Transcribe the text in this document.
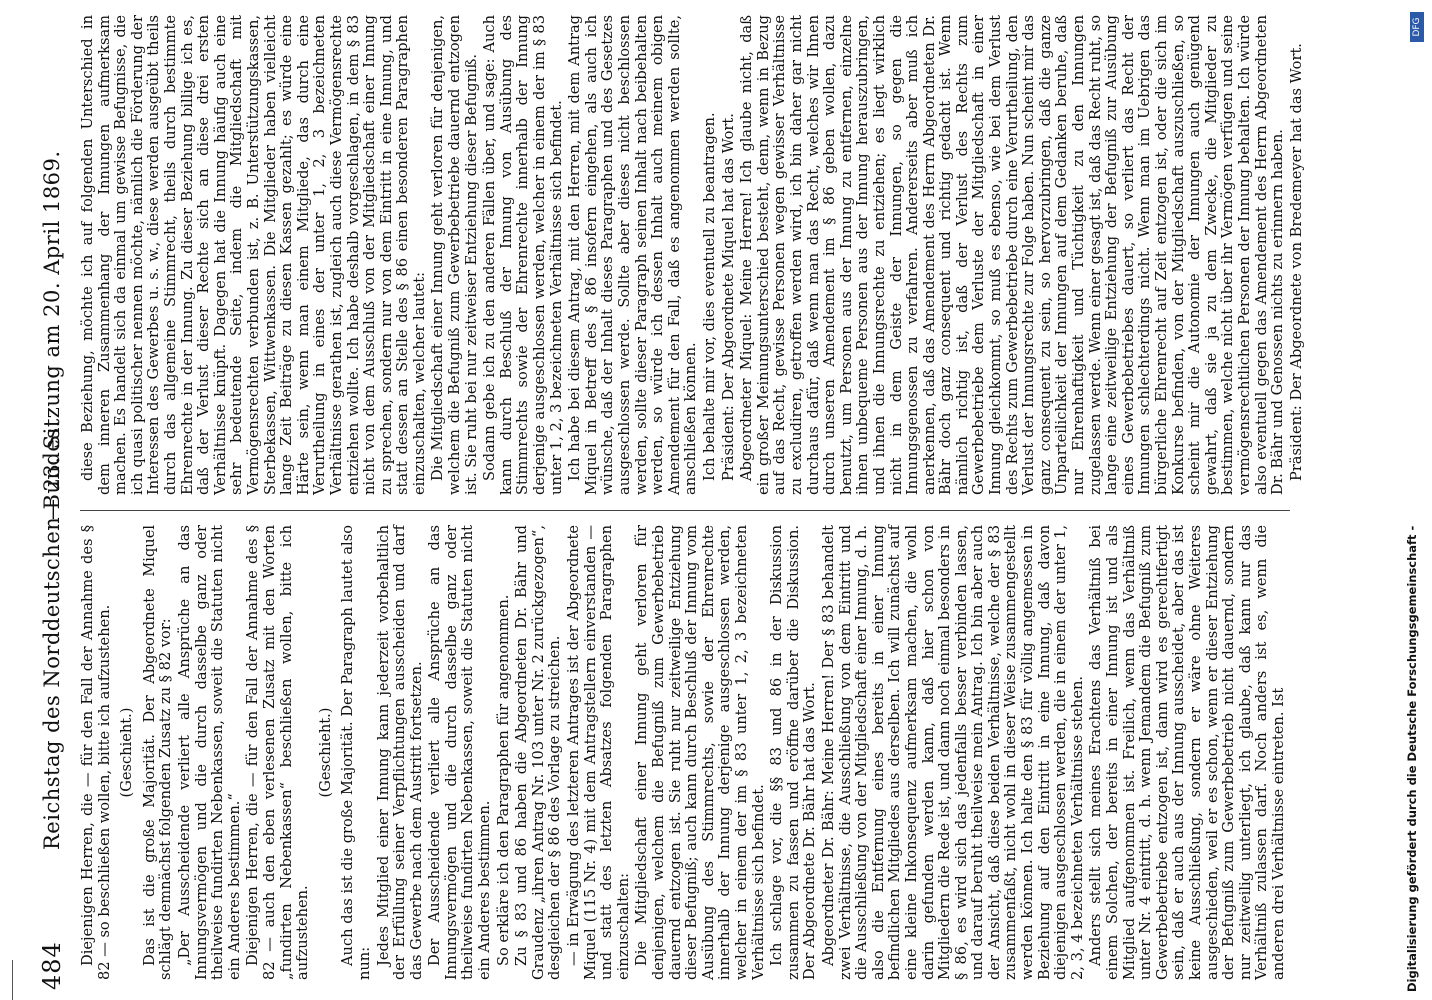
484
Reichstag des Norddeutschen Bundes.
— 23. Sitzung am 20. April 1869.

Diejenigen Herren, die — für den Fall der Annahme des § 82 — so beschließen wollen, bitte ich aufzustehen. (Geschieht.) Das ist die große Majorität. Der Abgeordnete Miquel schlägt demnächst folgenden Zusatz zu § 82 vor: „Der Ausscheidende verliert alle Ansprüche an das Innungsvermögen und die durch dasselbe ganz oder theilweise fundirten Nebenkassen, soweit die Statuten nicht ein Anderes bestimmen.“ Diejenigen Herren, die — für den Fall der Annahme des § 82 — auch den eben verlesenen Zusatz mit den Worten „fundirten Nebenkassen“ beschließen wollen, bitte ich aufzustehen.

(Geschieht.) Auch das ist die große Majorität. Der Paragraph lautet also nun: Jedes Mitglied einer Innung kann jederzeit vorbehaltlich der Erfüllung seiner Verpflichtungen ausscheiden und darf das Gewerbe nach dem Austritt fortsetzen. Der Ausscheidende verliert alle Ansprüche an das Innungsvermögen und die durch dasselbe ganz oder theilweise fundirten Nebenkassen, soweit die Statuten nicht ein Anderes bestimmen. So erkläre ich den Paragraphen für angenommen. Zu § 83 und 86 haben die Abgeordneten Dr. Bähr und Graudenz „ihren Antrag Nr. 103 unter Nr. 2 zurückgezogen“, desgleichen der § 86 des Vorlage zu streichen. — in Erwägung des letzteren Antrages ist der Abgeordnete Miquel (115 Nr. 4) mit dem Antragstellern einverstanden — und statt des letzten Absatzes folgenden Paragraphen einzuschalten: Die Mitgliedschaft einer Innung geht verloren für denjenigen, welchem die Befugniß zum Gewerbebetrieb dauernd entzogen ist. Sie ruht nur zeitweilige Entziehung dieser Befugniß; auch kann durch Beschluß der Innung vom Ausübung des Stimmrechts, sowie der Ehrenrechte innerhalb der Innung derjenige ausgeschlossen werden, welcher in einem der im § 83 unter 1, 2, 3 bezeichneten Verhältnisse sich befindet. Ich schlage vor, die §§ 83 und 86 in der Diskussion zusammen zu fassen und eröffne darüber die Diskussion. Der Abgeordnete Dr. Bähr hat das Wort. Abgeordneter Dr. Bähr: Meine Herren! Der § 83 behandelt zwei Verhältnisse, die Ausschließung von dem Eintritt und die Ausschließung von der Mitgliedschaft einer Innung, d. h. also die Entfernung eines bereits in einer Innung befindlichen Mitgliedes aus derselben. Ich will zunächst auf eine kleine Inkonsequenz aufmerksam machen, die wohl darin gefunden werden kann, daß hier schon von Mitgliedern die Rede ist, und dann noch einmal besonders in § 86, es wird sich das jedenfalls besser verbinden lassen, und darauf beruht theilweise mein Antrag. Ich bin aber auch der Ansicht, daß diese beiden Verhältnisse, welche der § 83 zusammenfaßt, nicht wohl in dieser Weise zusammengestellt werden können. Ich halte den § 83 für völlig angemessen in Beziehung auf den Eintritt in eine Innung, daß davon diejenigen ausgeschlossen werden, die in einem der unter 1, 2, 3, 4 bezeichneten Verhältnisse stehen. Anders stellt sich meines Erachtens das Verhältniß bei einem Solchen, der bereits in einer Innung ist und als Mitglied aufgenommen ist. Freilich, wenn das Verhältniß unter Nr. 4 eintritt, d. h. wenn Jemandem die Befugniß zum Gewerbebetriebe entzogen ist, dann wird es gerechtfertigt sein, daß er auch aus der Innung ausscheidet, aber das ist keine Ausschließung, sondern er wäre ohne Weiteres ausgeschieden, weil er es schon, wenn er dieser Entziehung der Befugniß zum Gewerbebetrieb nicht dauernd, sondern nur zeitweilig unterliegt, ich glaube, daß kann nur das Verhältniß zulassen darf. Noch anders ist es, wenn die anderen drei Verhältnisse eintreten. Ist

diese Beziehung, möchte ich auf folgenden Unterschied in dem inneren Zusammenhang der Innungen aufmerksam machen. Es handelt sich da einmal um gewisse Befugnisse, die ich quasi politischer nennen möchte, nämlich die Förderung der Interessen des Gewerbes u. s. w., diese werden ausgeübt theils durch das allgemeine Stimmrecht, theils durch bestimmte Ehrenrechte in der Innung. Zu dieser Beziehung billige ich es, daß der Verlust dieser Rechte sich an diese drei ersten Verhältnisse knüpft. Dagegen hat die Innung häufig auch eine sehr bedeutende Seite, indem die Mitgliedschaft mit Vermögensrechten verbunden ist, z. B. Unterstützungskassen, Sterbekassen, Wittwenkassen. Die Mitglieder haben vielleicht lange Zeit Beiträge zu diesen Kassen gezahlt; es würde eine Härte sein, wenn man einem Mitgliede, das durch eine Verurtheilung in eines der unter 1, 2, 3 bezeichneten Verhältnisse gerathen ist, zugleich auch diese Vermögensrechte entziehen wollte. Ich habe deshalb vorgeschlagen, in dem § 83 nicht von dem Ausschluß von der Mitgliedschaft einer Innung zu sprechen, sondern nur von dem Eintritt in eine Innung, und statt dessen an Stelle des § 86 einen besonderen Paragraphen einzuschalten, welcher lautet: Die Mitgliedschaft einer Innung geht verloren für denjenigen, welchem die Befugniß zum Gewerbebetriebe dauernd entzogen ist. Sie ruht bei nur zeitweiser Entziehung dieser Befugniß. Sodann gebe ich zu den anderen Fällen über, und sage: Auch kann durch Beschluß der Innung von Ausübung des Stimmrechts sowie der Ehrenrechte innerhalb der Innung derjenige ausgeschlossen werden, welcher in einem der im § 83 unter 1, 2, 3 bezeichneten Verhältnisse sich befindet. Ich habe bei diesem Antrag, mit den Herren, mit dem Antrag Miquel in Betreff des § 86 insofern eingehen, als auch ich wünsche, daß der Inhalt dieses Paragraphen und des Gesetzes ausgeschlossen werde. Sollte aber dieses nicht beschlossen werden, sollte dieser Paragraph seinen Inhalt nach beibehalten werden, so würde ich dessen Inhalt auch meinem obigen Amendement für den Fall, daß es angenommen werden sollte, anschließen können. Ich behalte mir vor, dies eventuell zu beantragen. Präsident: Der Abgeordnete Miquel hat das Wort. Abgeordneter Miquel: Meine Herren! Ich glaube nicht, daß ein großer Meinungsunterschied besteht, denn, wenn in Bezug auf das Recht, gewisse Personen wegen gewisser Verhältnisse zu excludiren, getroffen werden wird, ich bin daher gar nicht durchaus dafür, daß wenn man das Recht, welches wir Ihnen durch unseren Amendement im § 86 geben wollen, dazu benutzt, um Personen aus der Innung zu entfernen, einzelne ihnen unbequeme Personen aus der Innung herauszubringen, und ihnen die Innungsrechte zu entziehen; es liegt wirklich nicht in dem Geiste der Innungen, so gegen die Innungsgenossen zu verfahren. Andererseits aber muß ich anerkennen, daß das Amendement des Herrn Abgeordneten Dr. Bähr doch ganz consequent und richtig gedacht ist. Wenn nämlich richtig ist, daß der Verlust des Rechts zum Gewerbebetriebe dem Verluste der Mitgliedschaft in einer Innung gleichkommt, so muß es ebenso, wie bei dem Verlust des Rechts zum Gewerbebetriebe durch eine Verurtheilung, den Verlust der Innungsrechte zur Folge haben. Nun scheint mir das ganz consequent zu sein, so hervorzubringen, daß die ganze Unparteilichkeit der Innungen auf dem Gedanken beruhe, daß nur Ehrenhaftigkeit und Tüchtigkeit zu den Innungen zugelassen werde. Wenn einer gesagt ist, daß das Recht ruht, so lange eine zeitweilige Entziehung der Befugniß zur Ausübung eines Gewerbebetriebes dauert, so verliert das Recht der Innungen schlechterdings nicht. Wenn man im Uebrigen das bürgerliche Ehrenrecht auf Zeit entzogen ist, oder die sich im Konkurse befinden, von der Mitgliedschaft auszuschließen, so scheint mir die Autonomie der Innungen auch genügend gewahrt, daß sie ja zu dem Zwecke, die Mitglieder zu bestimmen, welche nicht über ihr Vermögen verfügen und seine vermögensrechtlichen Personen der Innung behalten. Ich würde also eventuell gegen das Amendement des Herrn Abgeordneten Dr. Bähr und Genossen nichts zu erinnern haben. Präsident: Der Abgeordnete von Bredemeyer hat das Wort.

Digitalisierung gefördert durch die Deutsche Forschungsgemeinschaft -
DFG
